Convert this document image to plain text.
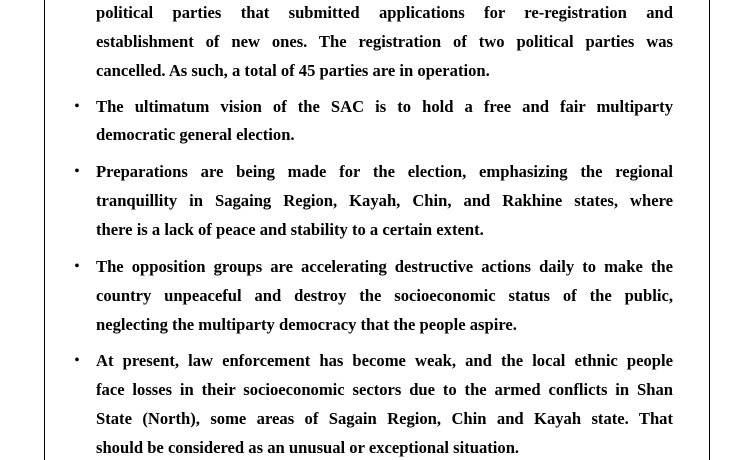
political parties that submitted applications for re-registration and
establishment of new ones. The registration of two political parties was
cancelled. As such, a total of 45 parties are in operation.
• The ultimatum vision of the SAC is to hold a free and fair multiparty
democratic general election.
• Preparations are being made for the election, emphasizing the regional
tranquillity in Sagaing Region, Kayah, Chin, and Rakhine states, where
there is a lack of peace and stability to a certain extent.
• The opposition groups are accelerating destructive actions daily to make the
country unpeaceful and destroy the socioeconomic status of the public,
neglecting the multiparty democracy that the people aspire.
• At present, law enforcement has become weak, and the local ethnic people
face losses in their socioeconomic sectors due to the armed conflicts in Shan
State (North), some areas of Sagain Region, Chin and Kayah state. That
should be considered as an unusual or exceptional situation.
